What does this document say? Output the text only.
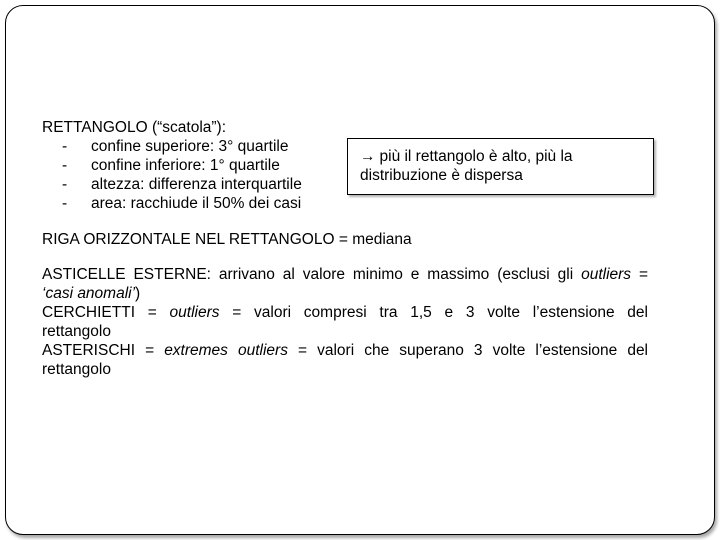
RETTANGOLO (“scatola”):
- confine superiore: 3° quartile
- confine inferiore: 1° quartile
- altezza: differenza interquartile
- area: racchiude il 50% dei casi
→ più il rettangolo è alto, più la
distribuzione è dispersa
RIGA ORIZZONTALE NEL RETTANGOLO = mediana
ASTICELLE ESTERNE: arrivano al valore minimo e massimo (esclusi gli outliers =
‘casi anomali’)
CERCHIETTI = outliers = valori compresi tra 1,5 e 3 volte l’estensione del
rettangolo
ASTERISCHI = extremes outliers = valori che superano 3 volte l’estensione del
rettangolo
